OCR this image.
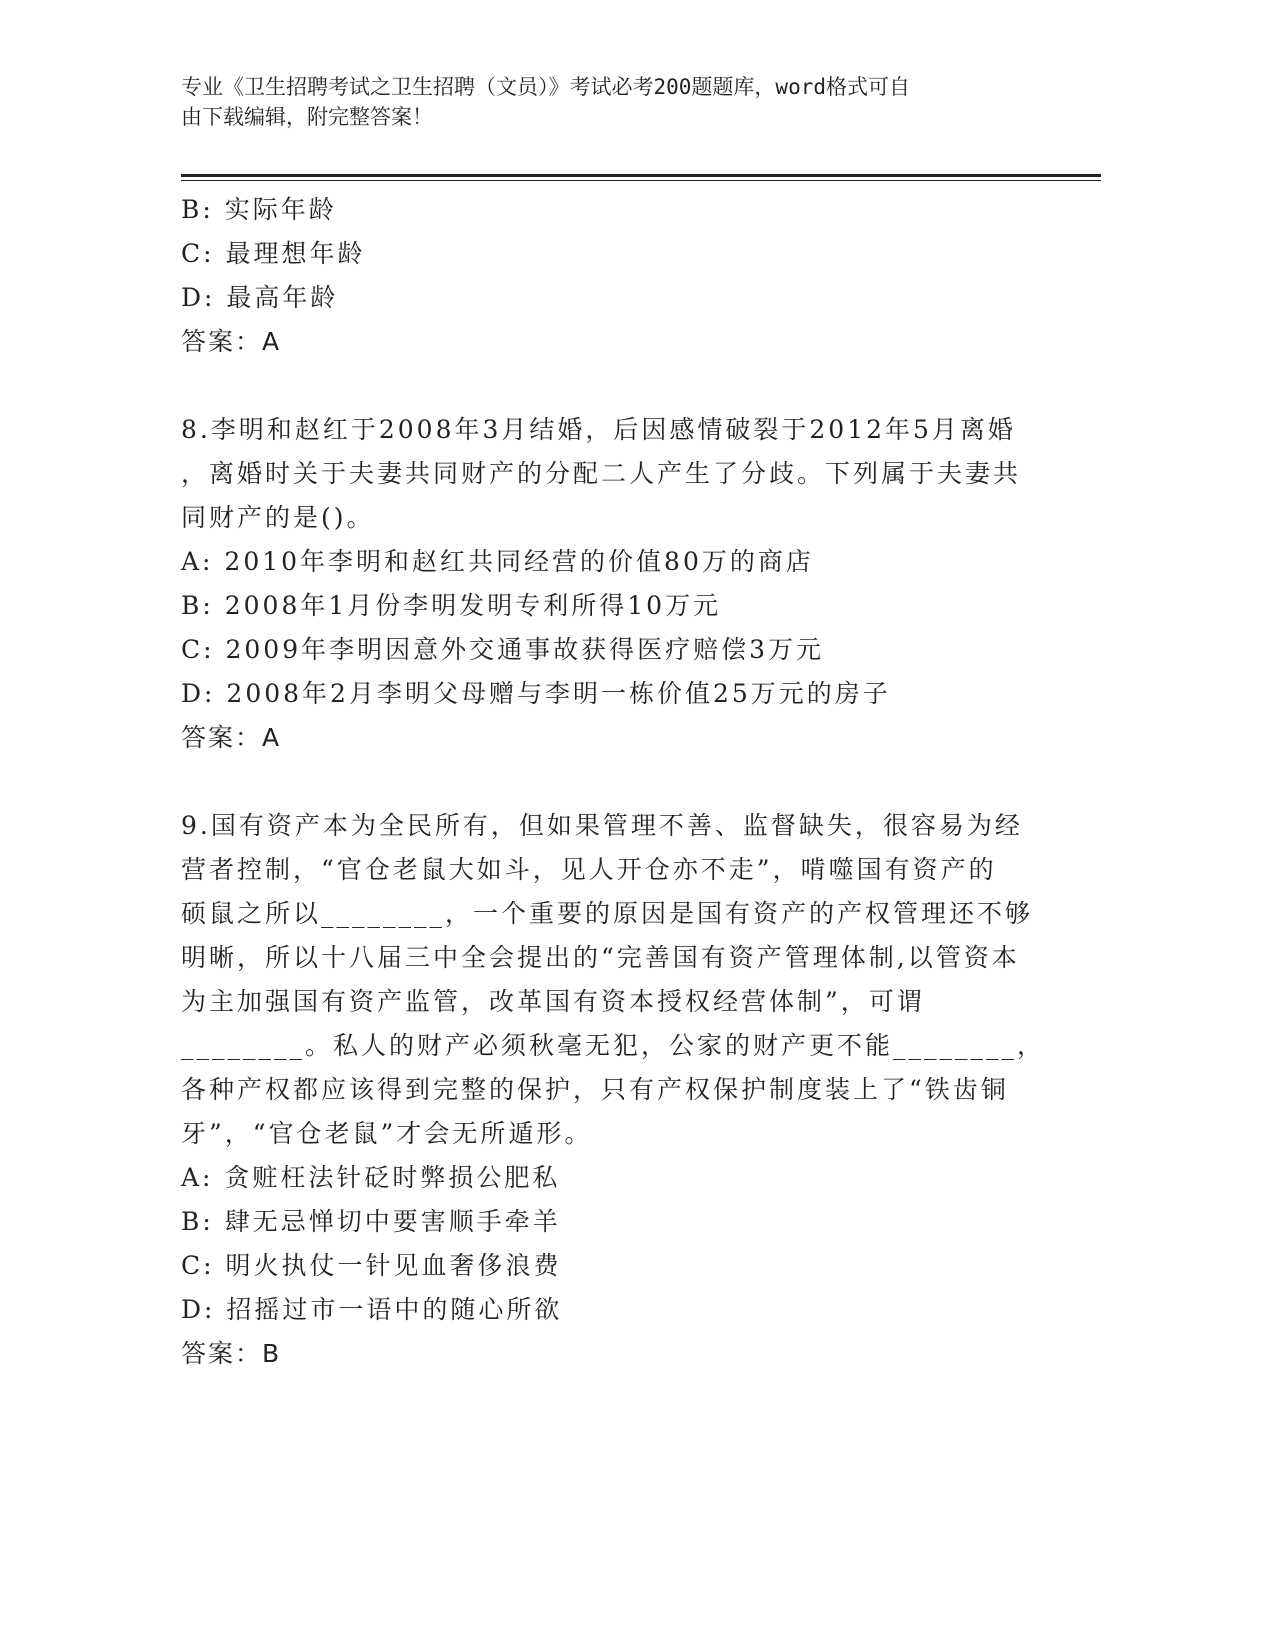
专业《卫生招聘考试之卫生招聘（文员）》考试必考200题题库，word格式可自
由下载编辑，附完整答案！
B: 实际年龄
C: 最理想年龄
D: 最高年龄
答案：A
8.李明和赵红于2008年3月结婚，后因感情破裂于2012年5月离婚
，离婚时关于夫妻共同财产的分配二人产生了分歧。下列属于夫妻共
同财产的是()。
A: 2010年李明和赵红共同经营的价值80万的商店
B: 2008年1月份李明发明专利所得10万元
C: 2009年李明因意外交通事故获得医疗赔偿3万元
D: 2008年2月李明父母赠与李明一栋价值25万元的房子
答案：A
9.国有资产本为全民所有，但如果管理不善、监督缺失，很容易为经
营者控制，“官仓老鼠大如斗，见人开仓亦不走”，啃噬国有资产的
硕鼠之所以________，一个重要的原因是国有资产的产权管理还不够
明晰，所以十八届三中全会提出的“完善国有资产管理体制,以管资本
为主加强国有资产监管，改革国有资本授权经营体制”，可谓
________。私人的财产必须秋毫无犯，公家的财产更不能________，
各种产权都应该得到完整的保护，只有产权保护制度装上了“铁齿铜
牙”，“官仓老鼠”才会无所遁形。
A: 贪赃枉法针砭时弊损公肥私
B: 肆无忌惮切中要害顺手牵羊
C: 明火执仗一针见血奢侈浪费
D: 招摇过市一语中的随心所欲
答案：B
